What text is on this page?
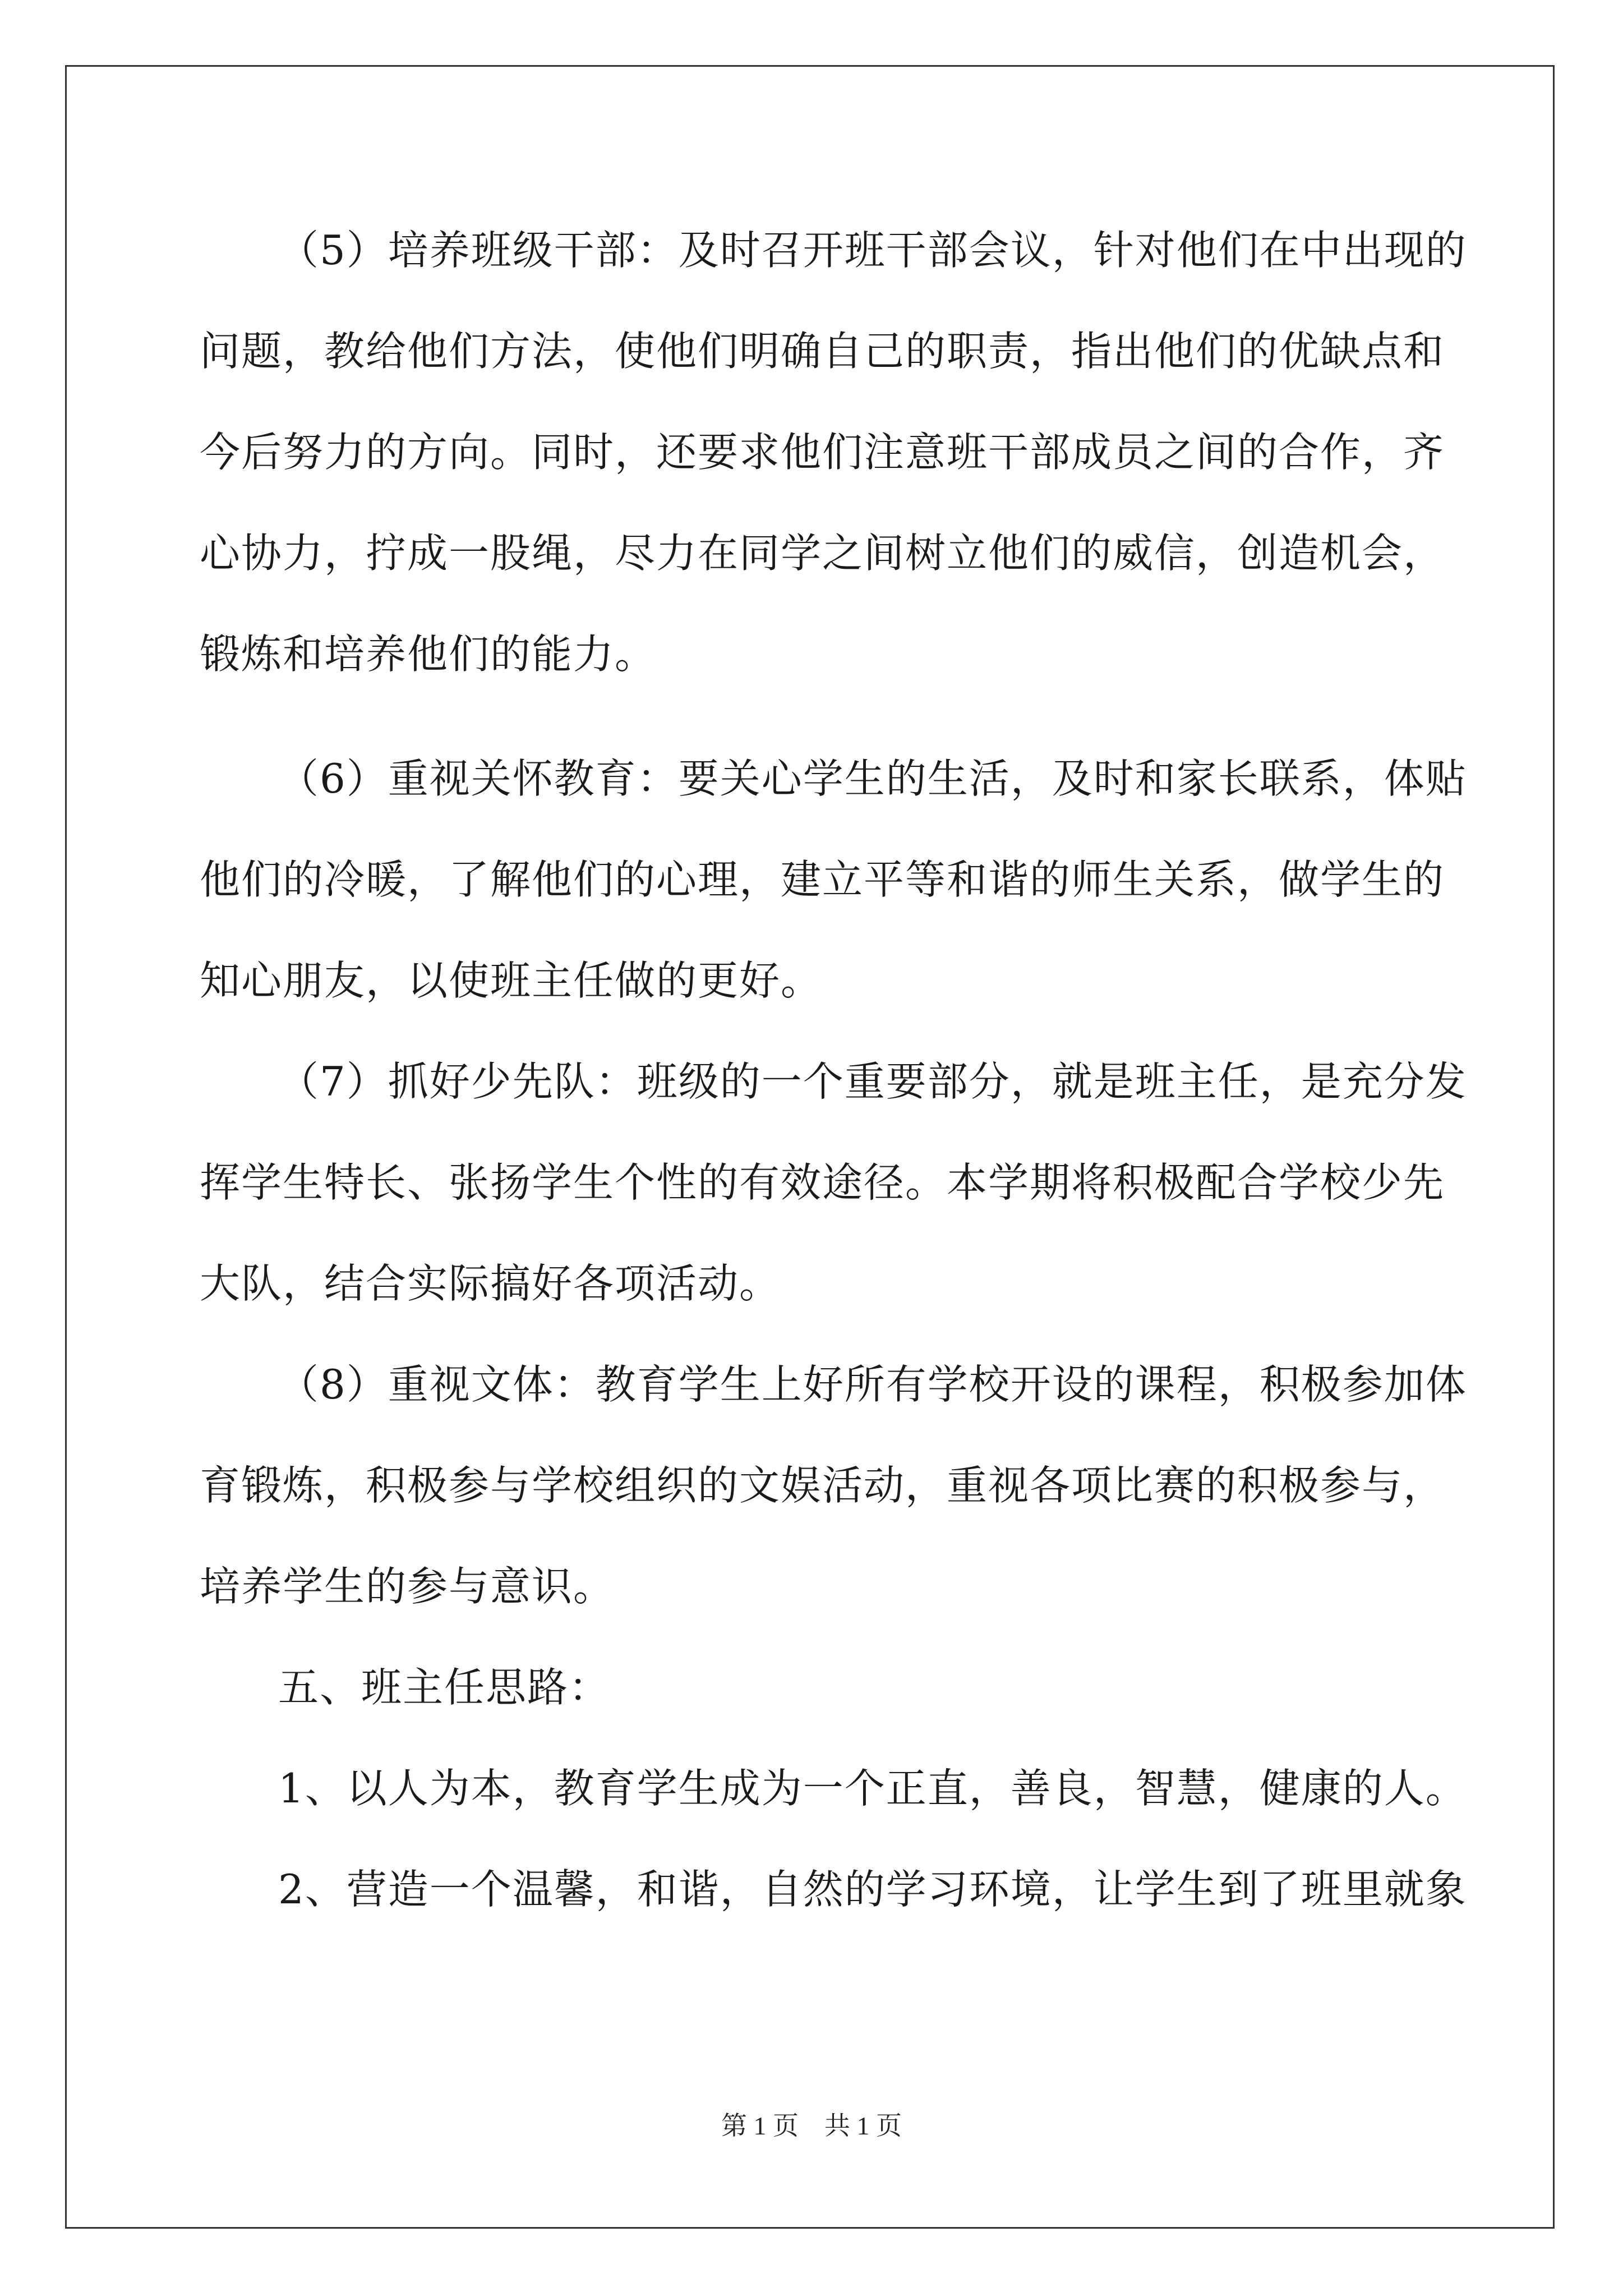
（5）培养班级干部：及时召开班干部会议，针对他们在中出现的
问题，教给他们方法，使他们明确自己的职责，指出他们的优缺点和
今后努力的方向。同时，还要求他们注意班干部成员之间的合作，齐
心协力，拧成一股绳，尽力在同学之间树立他们的威信，创造机会，
锻炼和培养他们的能力。
（6）重视关怀教育：要关心学生的生活，及时和家长联系，体贴
他们的冷暖，了解他们的心理，建立平等和谐的师生关系，做学生的
知心朋友，以使班主任做的更好。
（7）抓好少先队：班级的一个重要部分，就是班主任，是充分发
挥学生特长、张扬学生个性的有效途径。本学期将积极配合学校少先
大队，结合实际搞好各项活动。
（8）重视文体：教育学生上好所有学校开设的课程，积极参加体
育锻炼，积极参与学校组织的文娱活动，重视各项比赛的积极参与，
培养学生的参与意识。
五、班主任思路：
1、以人为本，教育学生成为一个正直，善良，智慧，健康的人。
2、营造一个温馨，和谐，自然的学习环境，让学生到了班里就象
第 1 页　共 1 页
